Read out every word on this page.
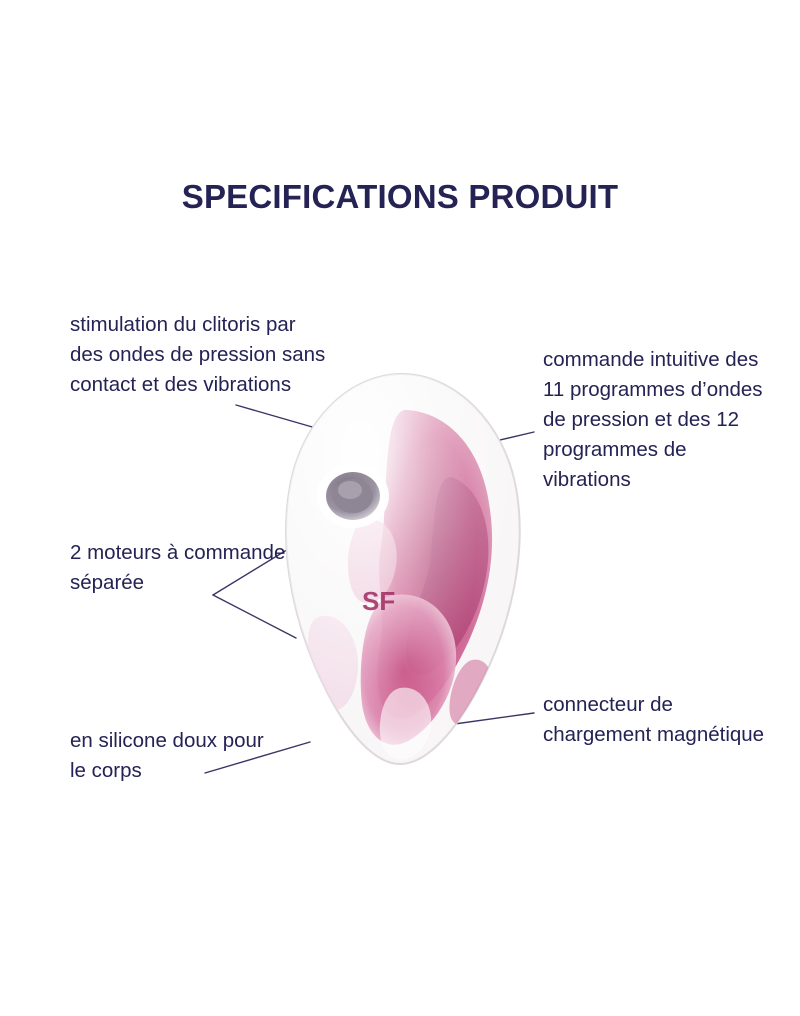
SPECIFICATIONS PRODUIT
SF
stimulation du clitoris par des ondes de pression sans contact et des vibrations
2 moteurs à commande séparée
en silicone doux pour le corps
commande intuitive des 11 programmes d’ondes de pression et des 12 programmes de vibrations
connecteur de chargement magnétique
